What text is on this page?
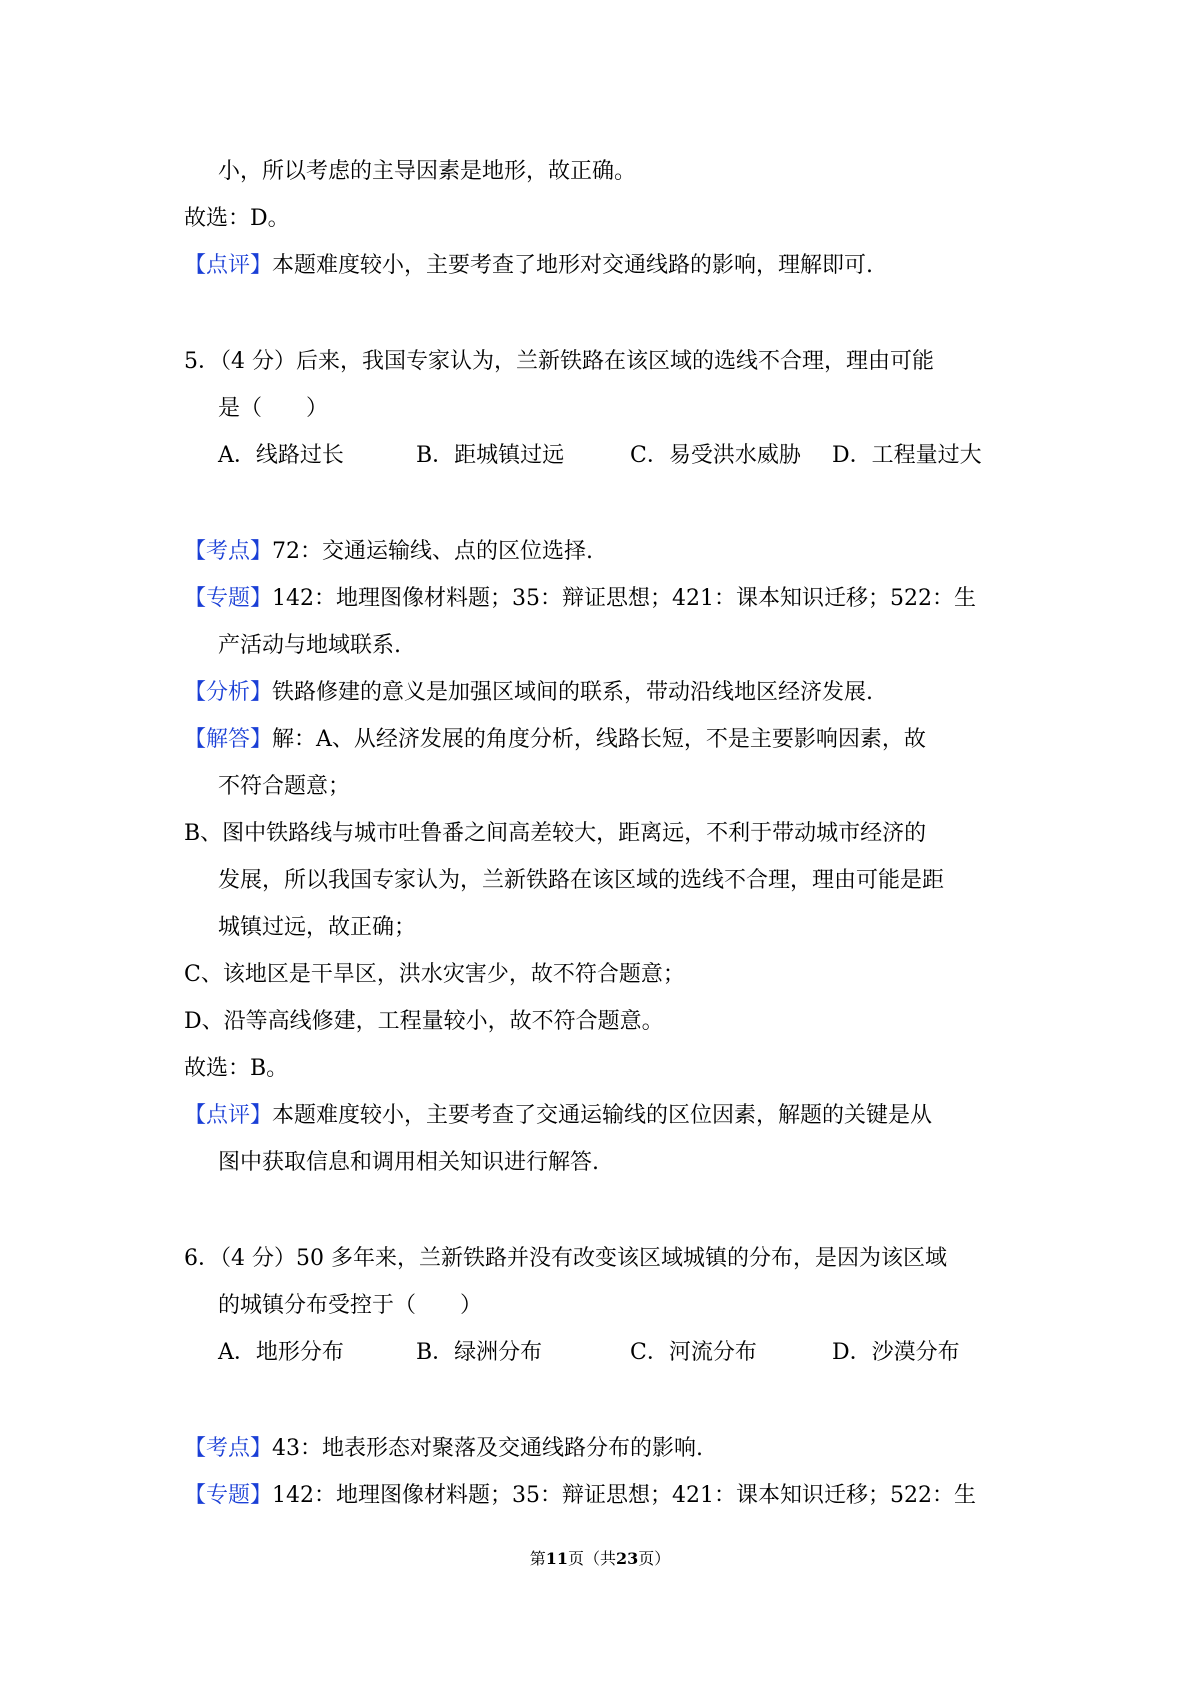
小，所以考虑的主导因素是地形，故正确。
故选：D。
【点评】本题难度较小，主要考查了地形对交通线路的影响，理解即可.
5．（4 分）后来，我国专家认为，兰新铁路在该区域的选线不合理，理由可能
是（　　）
A．线路过长	B．距城镇过远	C．易受洪水威胁 D．工程量过大
【考点】72：交通运输线、点的区位选择.
【专题】142：地理图像材料题；35：辩证思想；421：课本知识迁移；522：生
产活动与地域联系.
【分析】铁路修建的意义是加强区域间的联系，带动沿线地区经济发展.
【解答】解：A、从经济发展的角度分析，线路长短，不是主要影响因素，故
不符合题意；
B、图中铁路线与城市吐鲁番之间高差较大，距离远，不利于带动城市经济的
发展，所以我国专家认为，兰新铁路在该区域的选线不合理，理由可能是距
城镇过远，故正确；
C、该地区是干旱区，洪水灾害少，故不符合题意；
D、沿等高线修建，工程量较小，故不符合题意。
故选：B。
【点评】本题难度较小，主要考查了交通运输线的区位因素，解题的关键是从
图中获取信息和调用相关知识进行解答.
6．（4 分）50 多年来，兰新铁路并没有改变该区域城镇的分布，是因为该区域
的城镇分布受控于（　　）
A．地形分布	B．绿洲分布	C．河流分布	D．沙漠分布
【考点】43：地表形态对聚落及交通线路分布的影响.
【专题】142：地理图像材料题；35：辩证思想；421：课本知识迁移；522：生
第11页（共23页）
